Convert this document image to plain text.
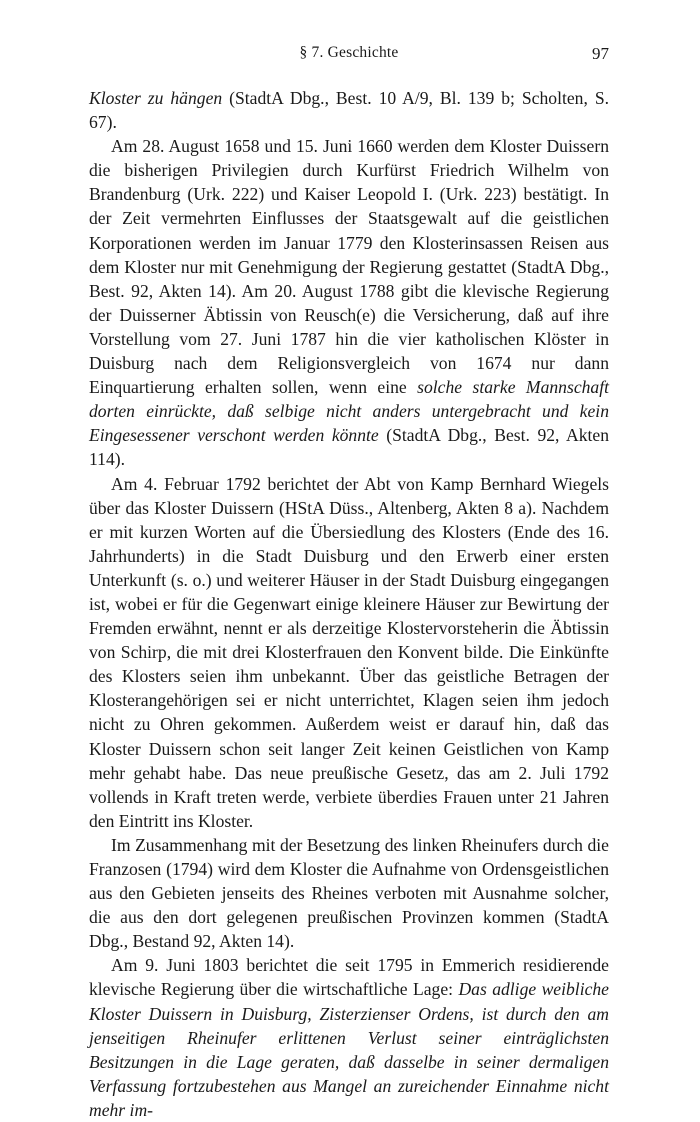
§ 7. Geschichte	97

Kloster zu hängen (StadtA Dbg., Best. 10 A/9, Bl. 139 b; Scholten, S. 67).

Am 28. August 1658 und 15. Juni 1660 werden dem Kloster Duissern die bisherigen Privilegien durch Kurfürst Friedrich Wilhelm von Brandenburg (Urk. 222) und Kaiser Leopold I. (Urk. 223) bestätigt. In der Zeit vermehrten Einflusses der Staatsgewalt auf die geistlichen Korporationen werden im Januar 1779 den Klosterinsassen Reisen aus dem Kloster nur mit Genehmigung der Regierung gestattet (StadtA Dbg., Best. 92, Akten 14). Am 20. August 1788 gibt die klevische Regierung der Duisserner Äbtissin von Reusch(e) die Versicherung, daß auf ihre Vorstellung vom 27. Juni 1787 hin die vier katholischen Klöster in Duisburg nach dem Religionsvergleich von 1674 nur dann Einquartierung erhalten sollen, wenn eine solche starke Mannschaft dorten einrückte, daß selbige nicht anders untergebracht und kein Eingesessener verschont werden könnte (StadtA Dbg., Best. 92, Akten 114).

Am 4. Februar 1792 berichtet der Abt von Kamp Bernhard Wiegels über das Kloster Duissern (HStA Düss., Altenberg, Akten 8 a). Nachdem er mit kurzen Worten auf die Übersiedlung des Klosters (Ende des 16. Jahrhunderts) in die Stadt Duisburg und den Erwerb einer ersten Unterkunft (s. o.) und weiterer Häuser in der Stadt Duisburg eingegangen ist, wobei er für die Gegenwart einige kleinere Häuser zur Bewirtung der Fremden erwähnt, nennt er als derzeitige Klostervorsteherin die Äbtissin von Schirp, die mit drei Klosterfrauen den Konvent bilde. Die Einkünfte des Klosters seien ihm unbekannt. Über das geistliche Betragen der Klosterangehörigen sei er nicht unterrichtet, Klagen seien ihm jedoch nicht zu Ohren gekommen. Außerdem weist er darauf hin, daß das Kloster Duissern schon seit langer Zeit keinen Geistlichen von Kamp mehr gehabt habe. Das neue preußische Gesetz, das am 2. Juli 1792 vollends in Kraft treten werde, verbiete überdies Frauen unter 21 Jahren den Eintritt ins Kloster.

Im Zusammenhang mit der Besetzung des linken Rheinufers durch die Franzosen (1794) wird dem Kloster die Aufnahme von Ordensgeistlichen aus den Gebieten jenseits des Rheines verboten mit Ausnahme solcher, die aus den dort gelegenen preußischen Provinzen kommen (StadtA Dbg., Bestand 92, Akten 14).

Am 9. Juni 1803 berichtet die seit 1795 in Emmerich residierende klevische Regierung über die wirtschaftliche Lage: Das adlige weibliche Kloster Duissern in Duisburg, Zisterzienser Ordens, ist durch den am jenseitigen Rheinufer erlittenen Verlust seiner einträglichsten Besitzungen in die Lage geraten, daß dasselbe in seiner dermaligen Verfassung fortzubestehen aus Mangel an zureichender Einnahme nicht mehr im-
